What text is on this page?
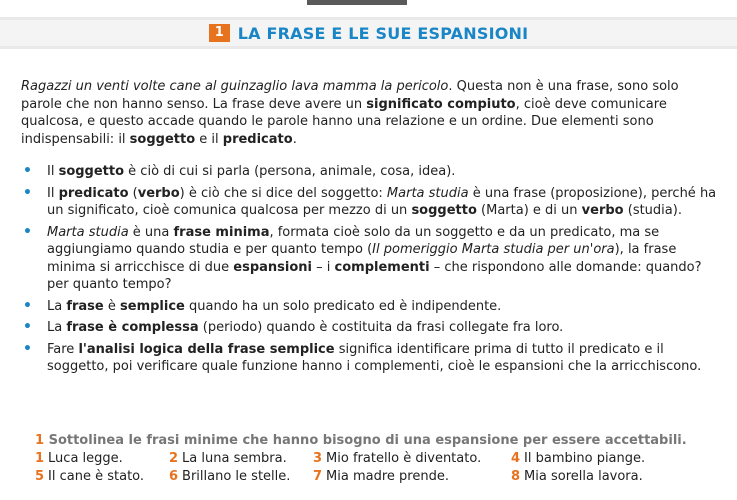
1 LA FRASE E LE SUE ESPANSIONI
Ragazzi un venti volte cane al guinzaglio lava mamma la pericolo. Questa non è una frase, sono solo parole che non hanno senso. La frase deve avere un significato compiuto, cioè deve comunicare qualcosa, e questo accade quando le parole hanno una relazione e un ordine. Due elementi sono indispensabili: il soggetto e il predicato.
• Il soggetto è ciò di cui si parla (persona, animale, cosa, idea).
• Il predicato (verbo) è ciò che si dice del soggetto: Marta studia è una frase (proposizione), perché ha un significato, cioè comunica qualcosa per mezzo di un soggetto (Marta) e di un verbo (studia).
• Marta studia è una frase minima, formata cioè solo da un soggetto e da un predicato, ma se aggiungiamo quando studia e per quanto tempo (Il pomeriggio Marta studia per un'ora), la frase minima si arricchisce di due espansioni – i complementi – che rispondono alle domande: quando? per quanto tempo?
• La frase è semplice quando ha un solo predicato ed è indipendente.
• La frase è complessa (periodo) quando è costituita da frasi collegate fra loro.
• Fare l'analisi logica della frase semplice significa identificare prima di tutto il predicato e il soggetto, poi verificare quale funzione hanno i complementi, cioè le espansioni che la arricchiscono.
1 Sottolinea le frasi minime che hanno bisogno di una espansione per essere accettabili.
1 Luca legge.	2 La luna sembra.	3 Mio fratello è diventato.	4 Il bambino piange.
5 Il cane è stato.	6 Brillano le stelle.	7 Mia madre prende.	8 Mia sorella lavora.
